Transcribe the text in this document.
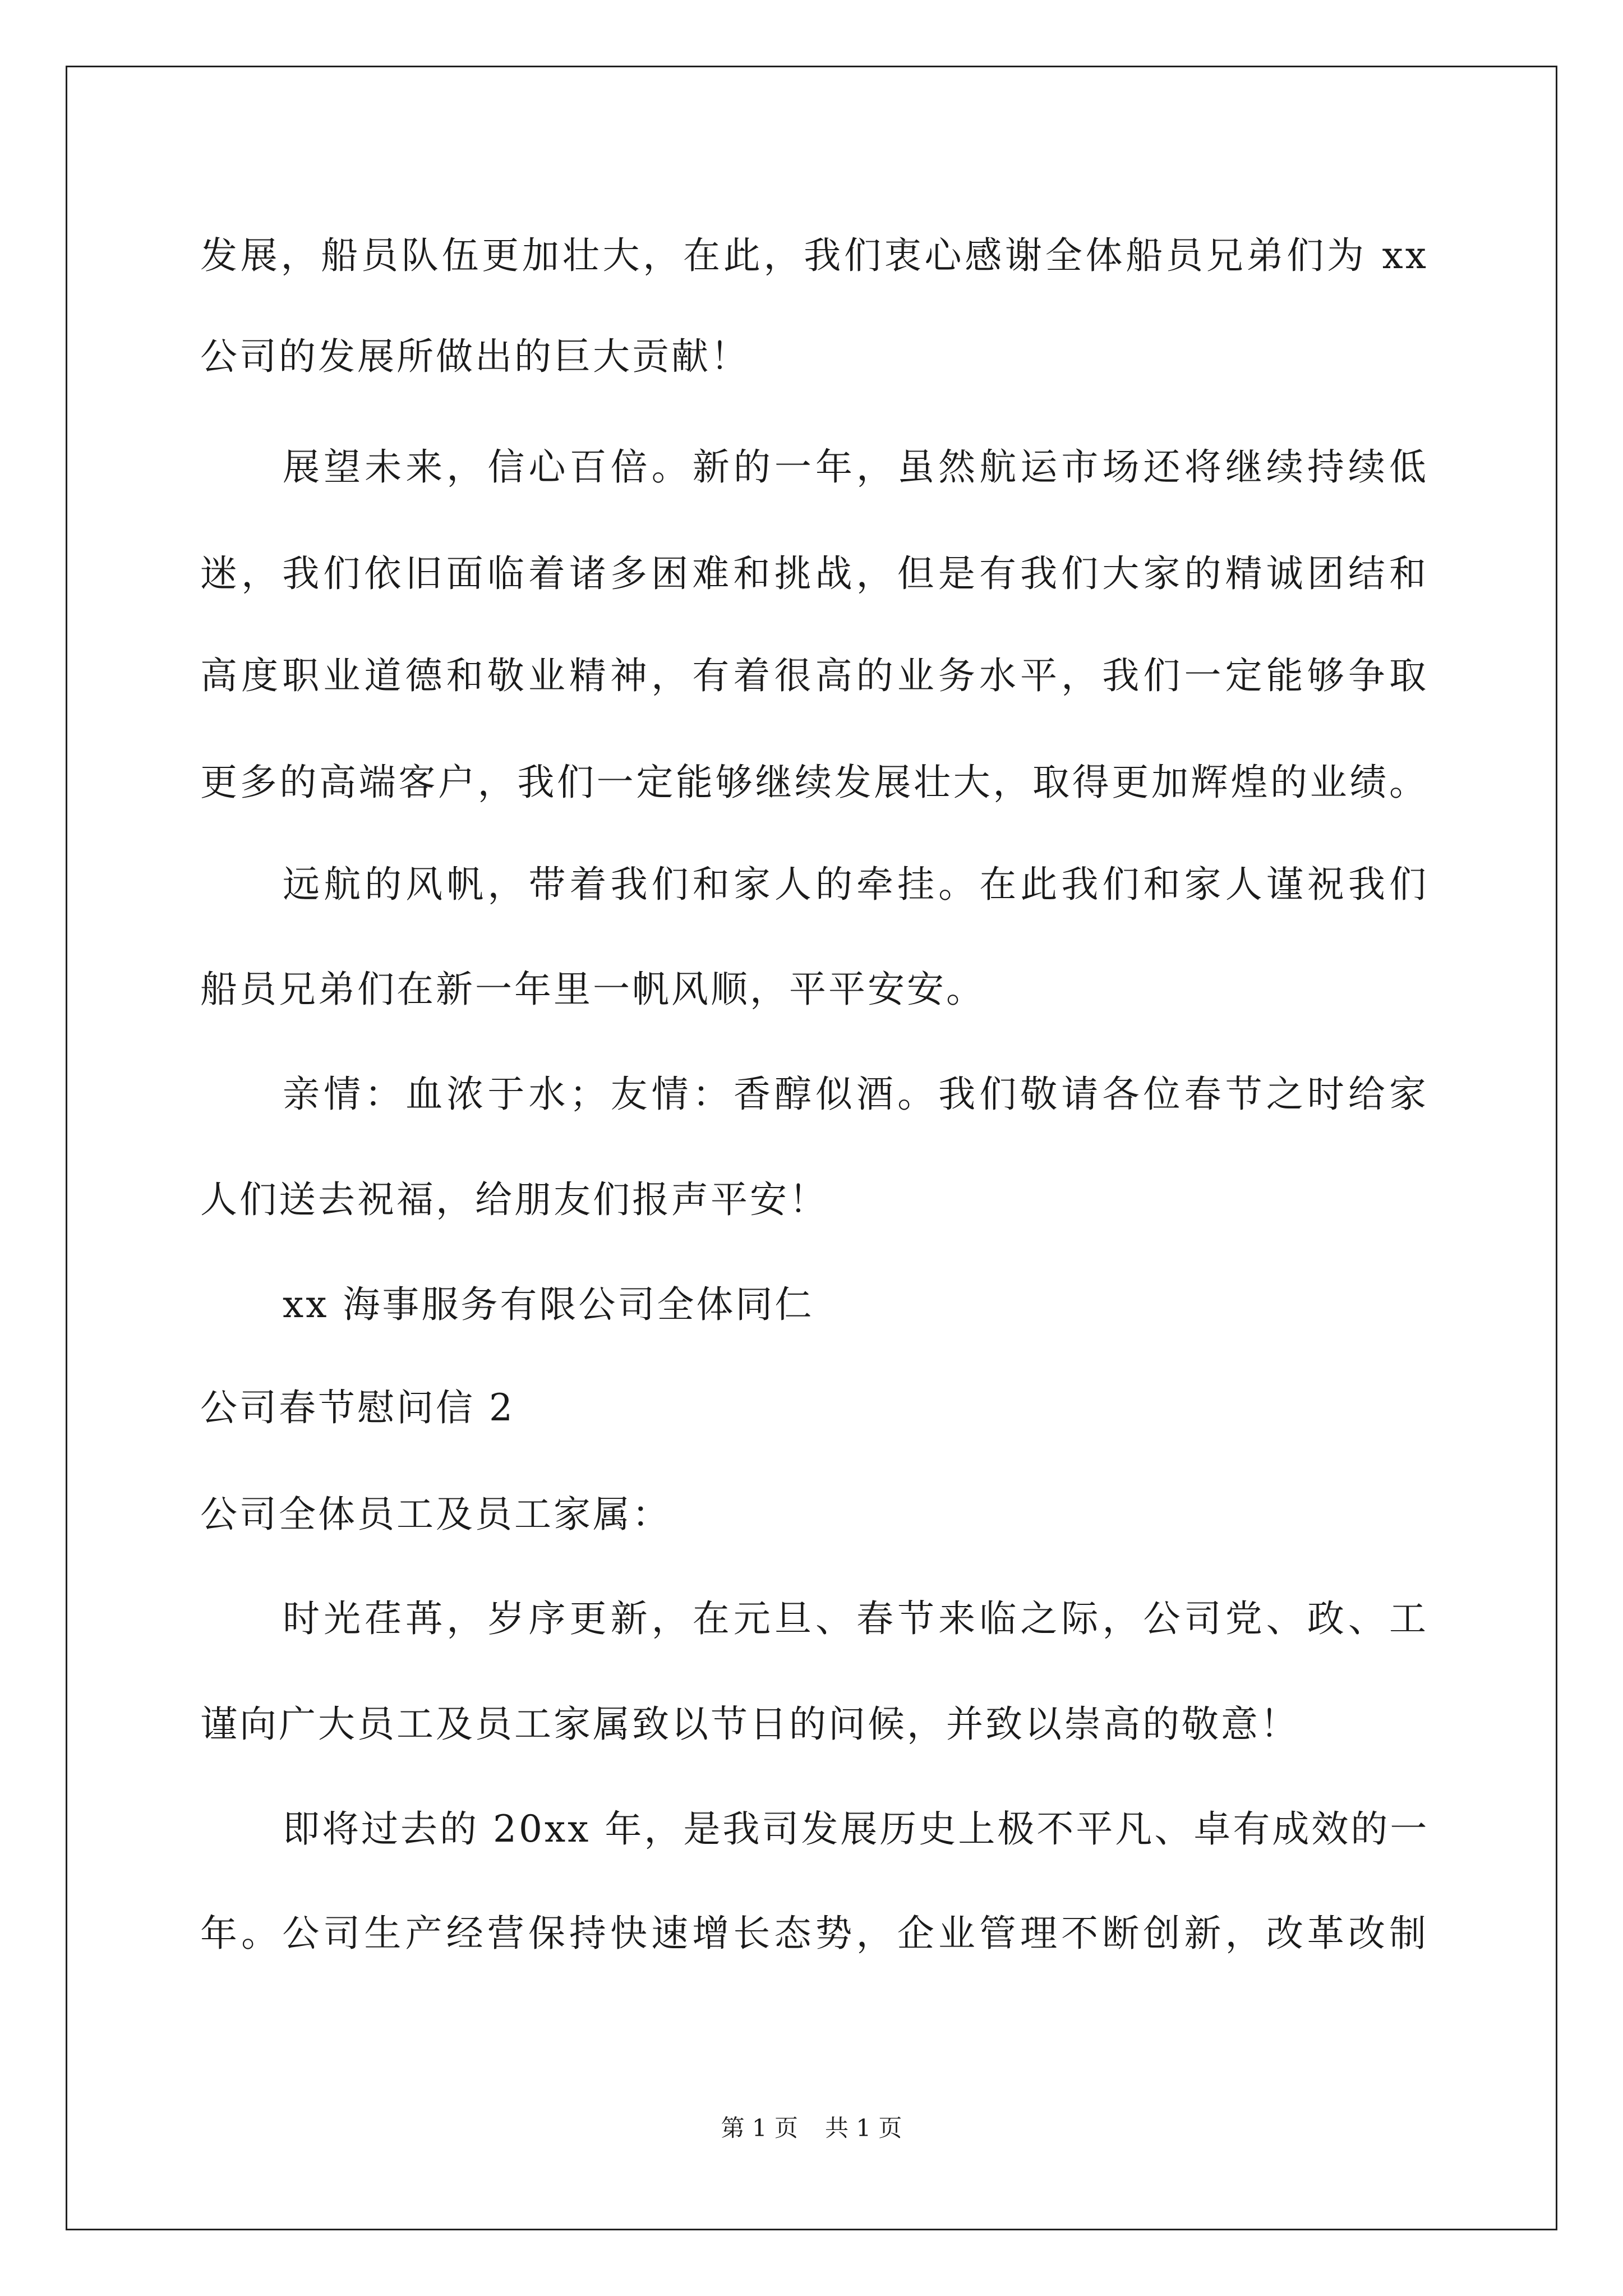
发展，船员队伍更加壮大，在此，我们衷心感谢全体船员兄弟们为 xx

公司的发展所做出的巨大贡献！

展望未来，信心百倍。新的一年，虽然航运市场还将继续持续低

迷，我们依旧面临着诸多困难和挑战，但是有我们大家的精诚团结和

高度职业道德和敬业精神，有着很高的业务水平，我们一定能够争取

更多的高端客户，我们一定能够继续发展壮大，取得更加辉煌的业绩。

远航的风帆，带着我们和家人的牵挂。在此我们和家人谨祝我们

船员兄弟们在新一年里一帆风顺，平平安安。

亲情：血浓于水；友情：香醇似酒。我们敬请各位春节之时给家

人们送去祝福，给朋友们报声平安！

xx 海事服务有限公司全体同仁

公司春节慰问信 2

公司全体员工及员工家属：

时光荏苒，岁序更新，在元旦、春节来临之际，公司党、政、工

谨向广大员工及员工家属致以节日的问候，并致以崇高的敬意！

即将过去的 20xx 年，是我司发展历史上极不平凡、卓有成效的一

年。公司生产经营保持快速增长态势，企业管理不断创新，改革改制

第 1 页 共 1 页
